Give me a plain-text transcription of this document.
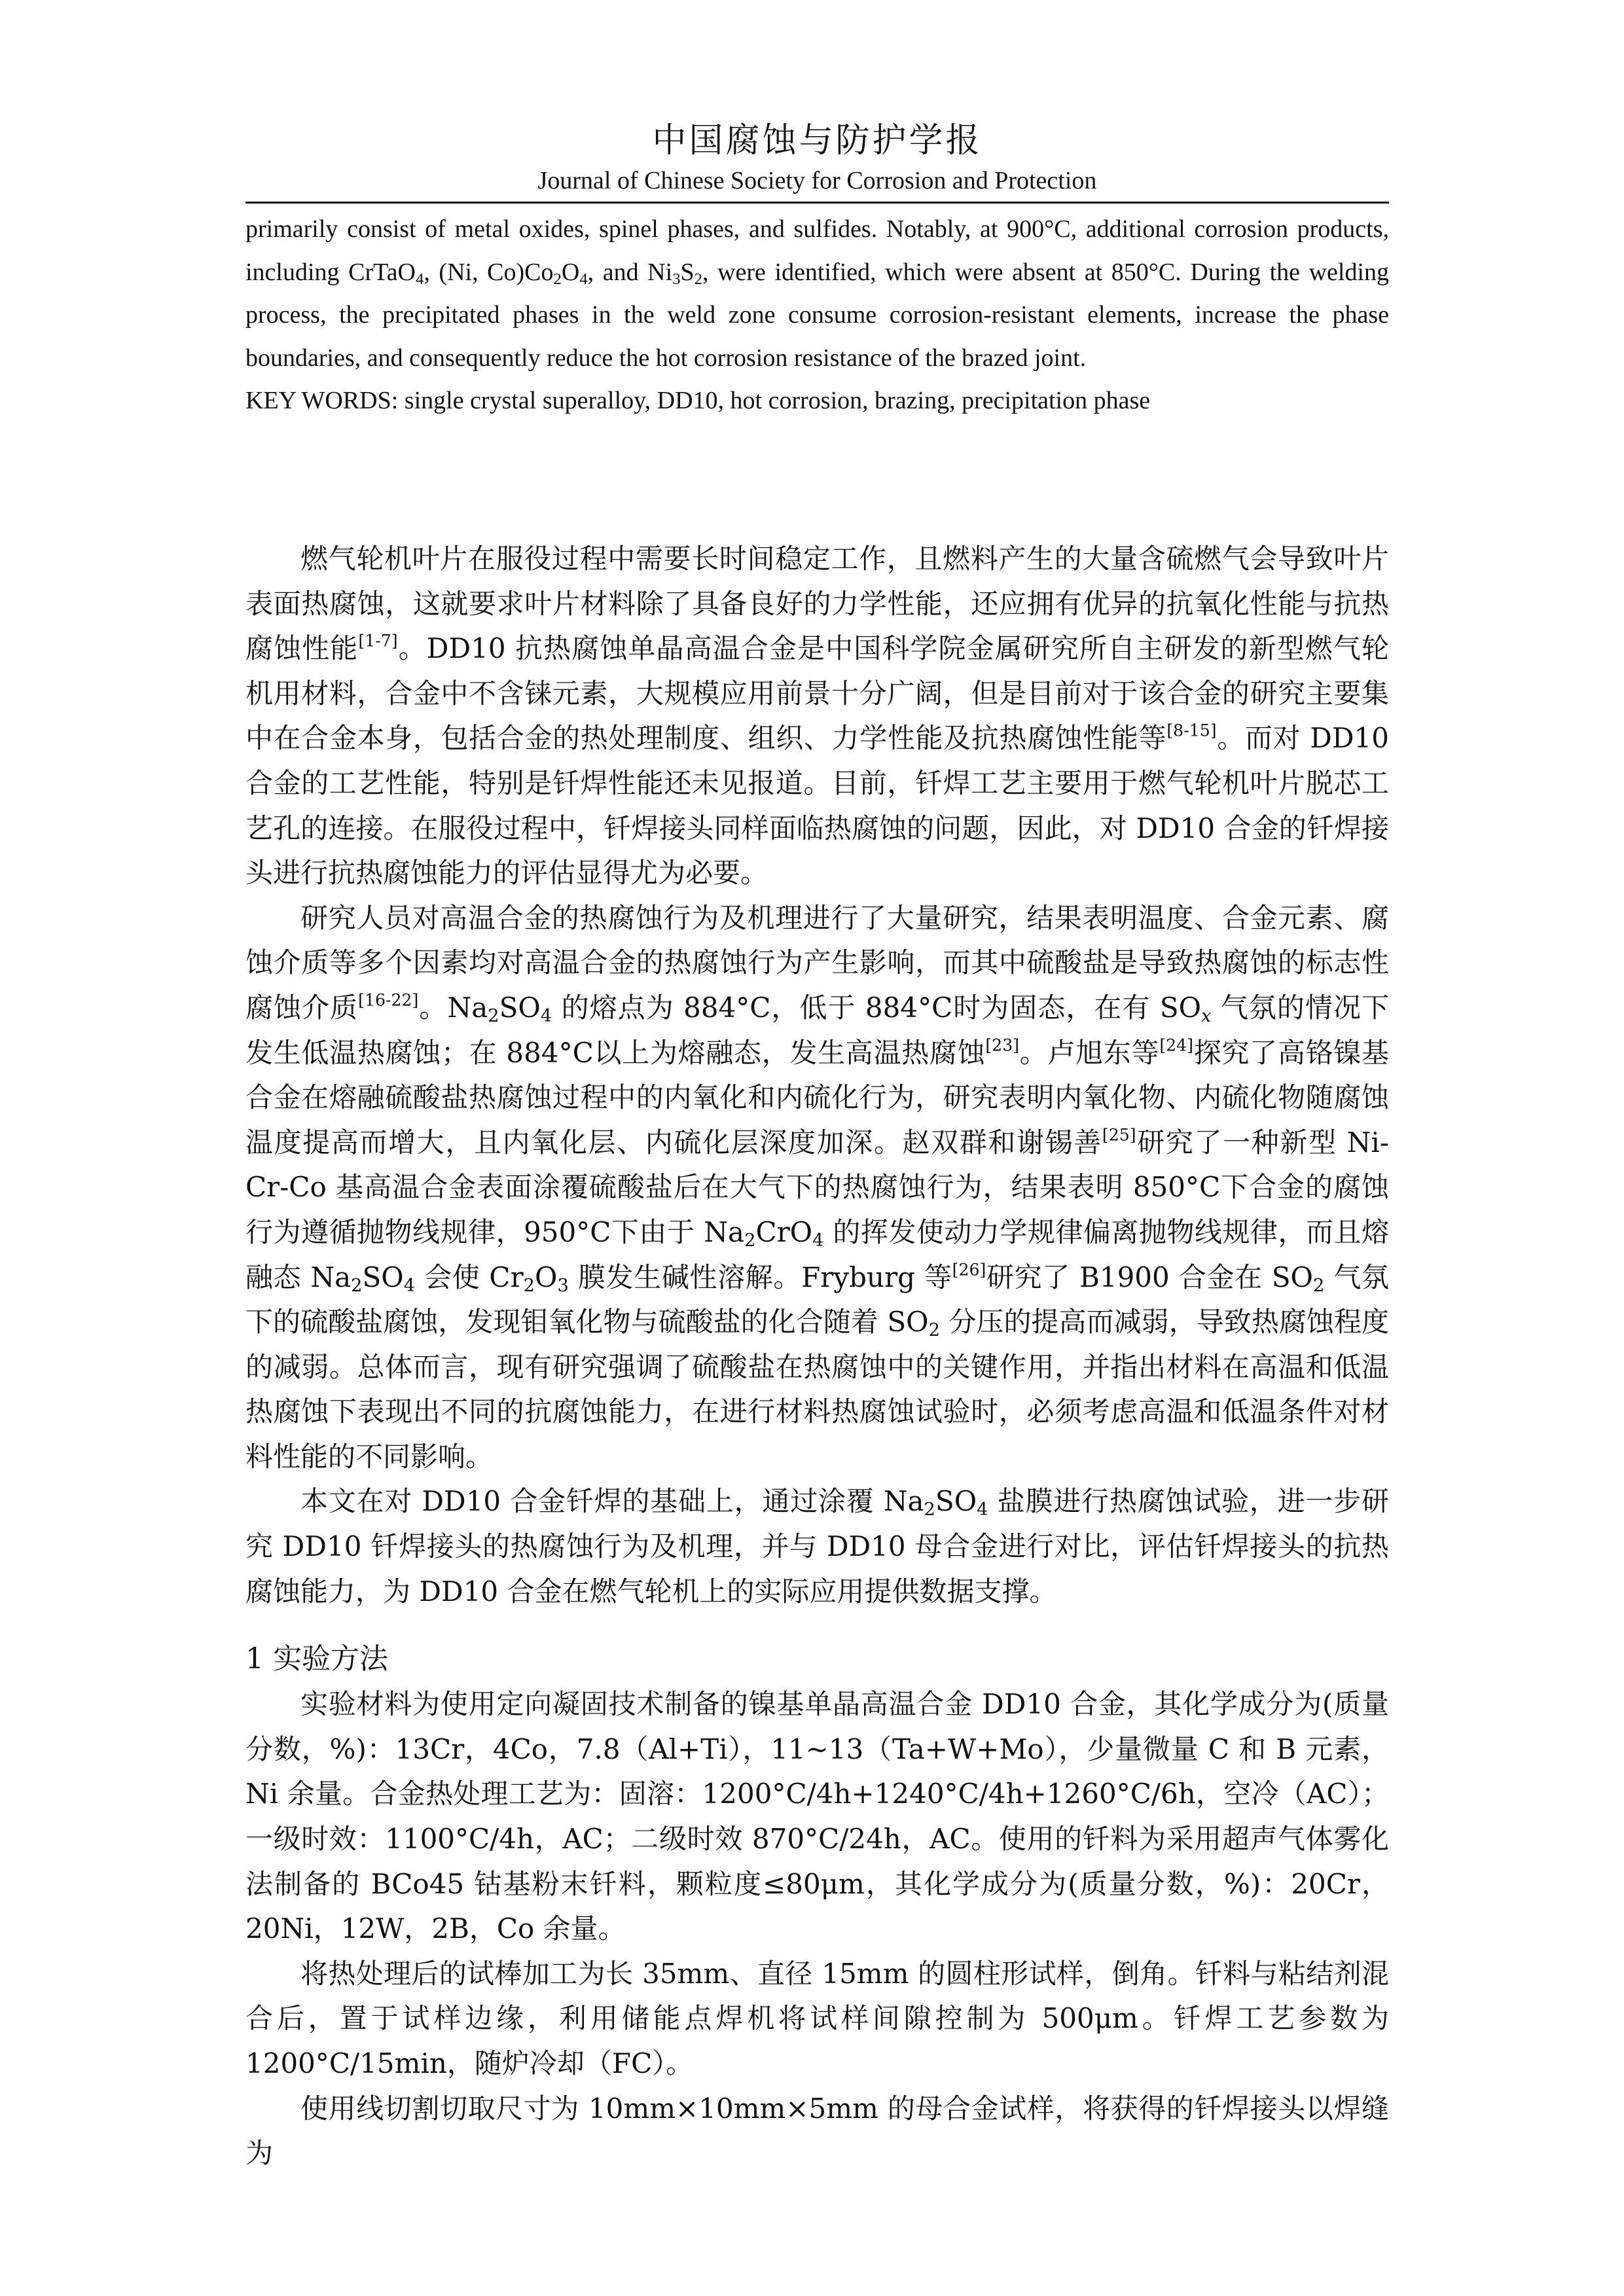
中国腐蚀与防护学报
Journal of Chinese Society for Corrosion and Protection

primarily consist of metal oxides, spinel phases, and sulfides. Notably, at 900°C, additional corrosion products, including CrTaO$_4$, (Ni, $Co)Co_2O_4$, and $Ni_3S_2$, were identified, which were absent at 850°C. During the welding process, the precipitated phases in the weld zone consume corrosion-resistant elements, increase the phase boundaries, and consequently reduce the hot corrosion resistance of the brazed joint.

KEY WORDS: single crystal superalloy, DD10, hot corrosion, brazing, precipitation phase

燃气轮机叶片在服役过程中需要长时间稳定工作，且燃料产生的大量含硫燃气会导致叶片表面热腐蚀，这就要求叶片材料除了具备良好的力学性能，还应拥有优异的抗氧化性能与抗热腐蚀性能[1-7]。DD10 抗热腐蚀单晶高温合金是中国科学院金属研究所自主研发的新型燃气轮机用材料，合金中不含铼元素，大规模应用前景十分广阔，但是目前对于该合金的研究主要集中在合金本身，包括合金的热处理制度、组织、力学性能及抗热腐蚀性能等[8-15]。而对 DD10 合金的工艺性能，特别是钎焊性能还未见报道。目前，钎焊工艺主要用于燃气轮机叶片脱芯工艺孔的连接。在服役过程中，钎焊接头同样面临热腐蚀的问题，因此，对 DD10 合金的钎焊接头进行抗热腐蚀能力的评估显得尤为必要。

研究人员对高温合金的热腐蚀行为及机理进行了大量研究，结果表明温度、合金元素、腐蚀介质等多个因素均对高温合金的热腐蚀行为产生影响，而其中硫酸盐是导致热腐蚀的标志性腐蚀介质[16-22]。$Na_2SO_4$ 的熔点为 884°C，低于 884°C时为固态，在有 $SO_x$ 气氛的情况下发生低温热腐蚀；在 884°C以上为熔融态，发生高温热腐蚀[23]。卢旭东等[24]探究了高铬镍基合金在熔融硫酸盐热腐蚀过程中的内氧化和内硫化行为，研究表明内氧化物、内硫化物随腐蚀温度提高而增大，且内氧化层、内硫化层深度加深。赵双群和谢锡善[25]研究了一种新型 Ni-Cr-Co 基高温合金表面涂覆硫酸盐后在大气下的热腐蚀行为，结果表明 850°C下合金的腐蚀行为遵循抛物线规律，950°C下由于 $Na_2CrO_4$ 的挥发使动力学规律偏离抛物线规律，而且熔融态 $Na_2SO_4$ 会使 $Cr_2O_3$ 膜发生碱性溶解。Fryburg 等[26]研究了 B1900 合金在 $SO_2$ 气氛下的硫酸盐腐蚀，发现钼氧化物与硫酸盐的化合随着 $SO_2$ 分压的提高而减弱，导致热腐蚀程度的减弱。总体而言，现有研究强调了硫酸盐在热腐蚀中的关键作用，并指出材料在高温和低温热腐蚀下表现出不同的抗腐蚀能力，在进行材料热腐蚀试验时，必须考虑高温和低温条件对材料性能的不同影响。

本文在对 DD10 合金钎焊的基础上，通过涂覆 $Na_2SO_4$ 盐膜进行热腐蚀试验，进一步研究 DD10 钎焊接头的热腐蚀行为及机理，并与 DD10 母合金进行对比，评估钎焊接头的抗热腐蚀能力，为 DD10 合金在燃气轮机上的实际应用提供数据支撑。

1 实验方法

实验材料为使用定向凝固技术制备的镍基单晶高温合金 DD10 合金，其化学成分为(质量分数，%)：13Cr，4Co，7.8（Al+Ti），11~13（Ta+W+Mo），少量微量 C 和 B 元素，Ni 余量。合金热处理工艺为：固溶：1200°C/4h+1240°C/4h+1260°C/6h，空冷（AC）；一级时效：1100°C/4h，AC；二级时效 870°C/24h，AC。使用的钎料为采用超声气体雾化法制备的 BCo45 钴基粉末钎料，颗粒度≤80μm，其化学成分为(质量分数，%)：20Cr，20Ni，12W，2B，Co 余量。

将热处理后的试棒加工为长 35mm、直径 15mm 的圆柱形试样，倒角。钎料与粘结剂混合后，置于试样边缘，利用储能点焊机将试样间隙控制为 500μm。钎焊工艺参数为 1200°C/15min，随炉冷却（FC）。

使用线切割切取尺寸为 10mm×10mm×5mm 的母合金试样，将获得的钎焊接头以焊缝为
